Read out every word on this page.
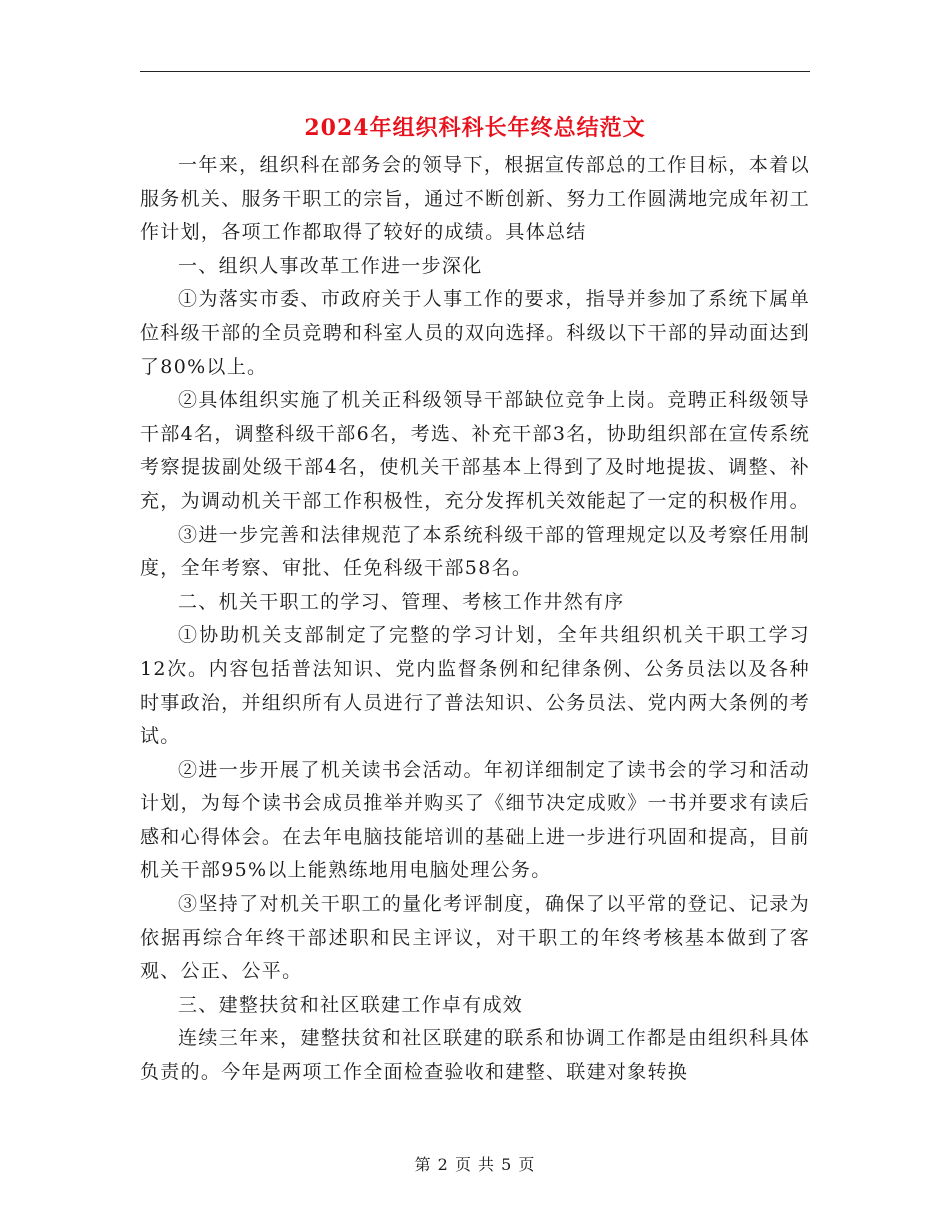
2024年组织科科长年终总结范文

一年来，组织科在部务会的领导下，根据宣传部总的工作目标，本着以服务机关、服务干职工的宗旨，通过不断创新、努力工作圆满地完成年初工作计划，各项工作都取得了较好的成绩。具体总结

一、组织人事改革工作进一步深化

①为落实市委、市政府关于人事工作的要求，指导并参加了系统下属单位科级干部的全员竞聘和科室人员的双向选择。科级以下干部的异动面达到了80%以上。

②具体组织实施了机关正科级领导干部缺位竞争上岗。竞聘正科级领导干部4名，调整科级干部6名，考选、补充干部3名，协助组织部在宣传系统考察提拔副处级干部4名，使机关干部基本上得到了及时地提拔、调整、补充，为调动机关干部工作积极性，充分发挥机关效能起了一定的积极作用。

③进一步完善和法律规范了本系统科级干部的管理规定以及考察任用制度，全年考察、审批、任免科级干部58名。

二、机关干职工的学习、管理、考核工作井然有序

①协助机关支部制定了完整的学习计划，全年共组织机关干职工学习12次。内容包括普法知识、党内监督条例和纪律条例、公务员法以及各种时事政治，并组织所有人员进行了普法知识、公务员法、党内两大条例的考试。

②进一步开展了机关读书会活动。年初详细制定了读书会的学习和活动计划，为每个读书会成员推举并购买了《细节决定成败》一书并要求有读后感和心得体会。在去年电脑技能培训的基础上进一步进行巩固和提高，目前机关干部95%以上能熟练地用电脑处理公务。

③坚持了对机关干职工的量化考评制度，确保了以平常的登记、记录为依据再综合年终干部述职和民主评议，对干职工的年终考核基本做到了客观、公正、公平。

三、建整扶贫和社区联建工作卓有成效

连续三年来，建整扶贫和社区联建的联系和协调工作都是由组织科具体负责的。今年是两项工作全面检查验收和建整、联建对象转换

第 2 页 共 5 页
